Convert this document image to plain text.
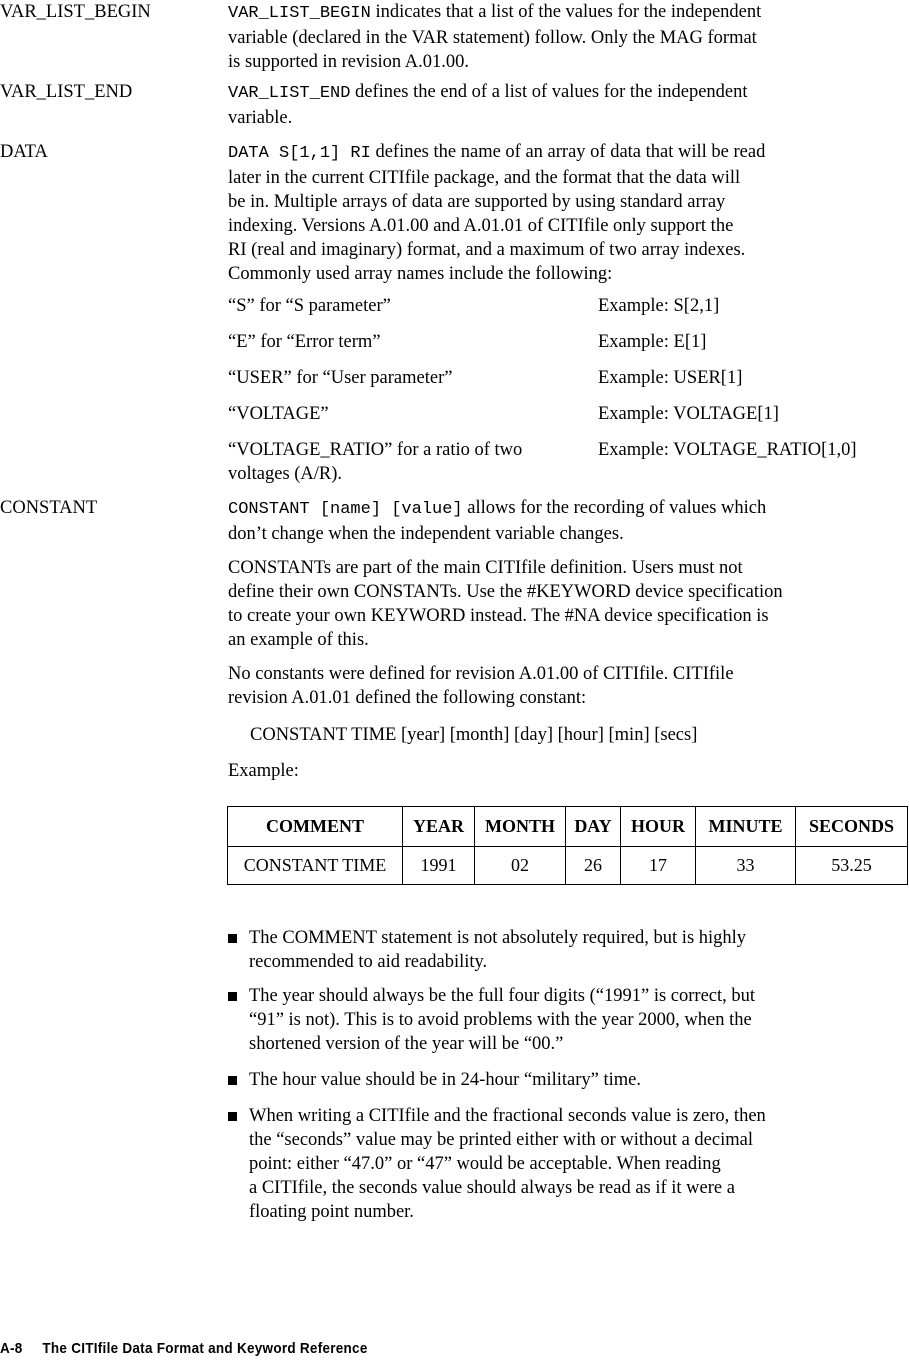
VAR_LIST_BEGIN	VAR_LIST_BEGIN indicates that a list of the values for the independent
variable (declared in the VAR statement) follow. Only the MAG format
is supported in revision A.01.00.
VAR_LIST_END	VAR_LIST_END defines the end of a list of values for the independent
variable.
DATA	DATA S[1,1] RI defines the name of an array of data that will be read
later in the current CITIfile package, and the format that the data will
be in. Multiple arrays of data are supported by using standard array
indexing. Versions A.01.00 and A.01.01 of CITIfile only support the
RI (real and imaginary) format, and a maximum of two array indexes.
Commonly used array names include the following:
“S” for “S parameter”	Example: S[2,1]
“E” for “Error term”	Example: E[1]
“USER” for “User parameter”	Example: USER[1]
“VOLTAGE”	Example: VOLTAGE[1]
“VOLTAGE_RATIO” for a ratio of two
voltages (A/R).
Example: VOLTAGE_RATIO[1,0]
CONSTANT	CONSTANT [name] [value] allows for the recording of values which
don’t change when the independent variable changes.
CONSTANTs are part of the main CITIfile definition. Users must not
define their own CONSTANTs. Use the #KEYWORD device specification
to create your own KEYWORD instead. The #NA device specification is
an example of this.
No constants were defined for revision A.01.00 of CITIfile. CITIfile
revision A.01.01 defined the following constant:
CONSTANT TIME [year] [month] [day] [hour] [min] [secs]
Example:
COMMENT	YEAR	MONTH	DAY	HOUR	MINUTE	SECONDS
CONSTANT TIME	1991	02	26	17	33	53.25
The COMMENT statement is not absolutely required, but is highly
recommended to aid readability.
The year should always be the full four digits (“1991” is correct, but
“91” is not). This is to avoid problems with the year 2000, when the
shortened version of the year will be “00.”
The hour value should be in 24-hour “military” time.
When writing a CITIfile and the fractional seconds value is zero, then
the “seconds” value may be printed either with or without a decimal
point: either “47.0” or “47” would be acceptable. When reading
a CITIfile, the seconds value should always be read as if it were a
floating point number.
A-8 The CITIfile Data Format and Keyword Reference
